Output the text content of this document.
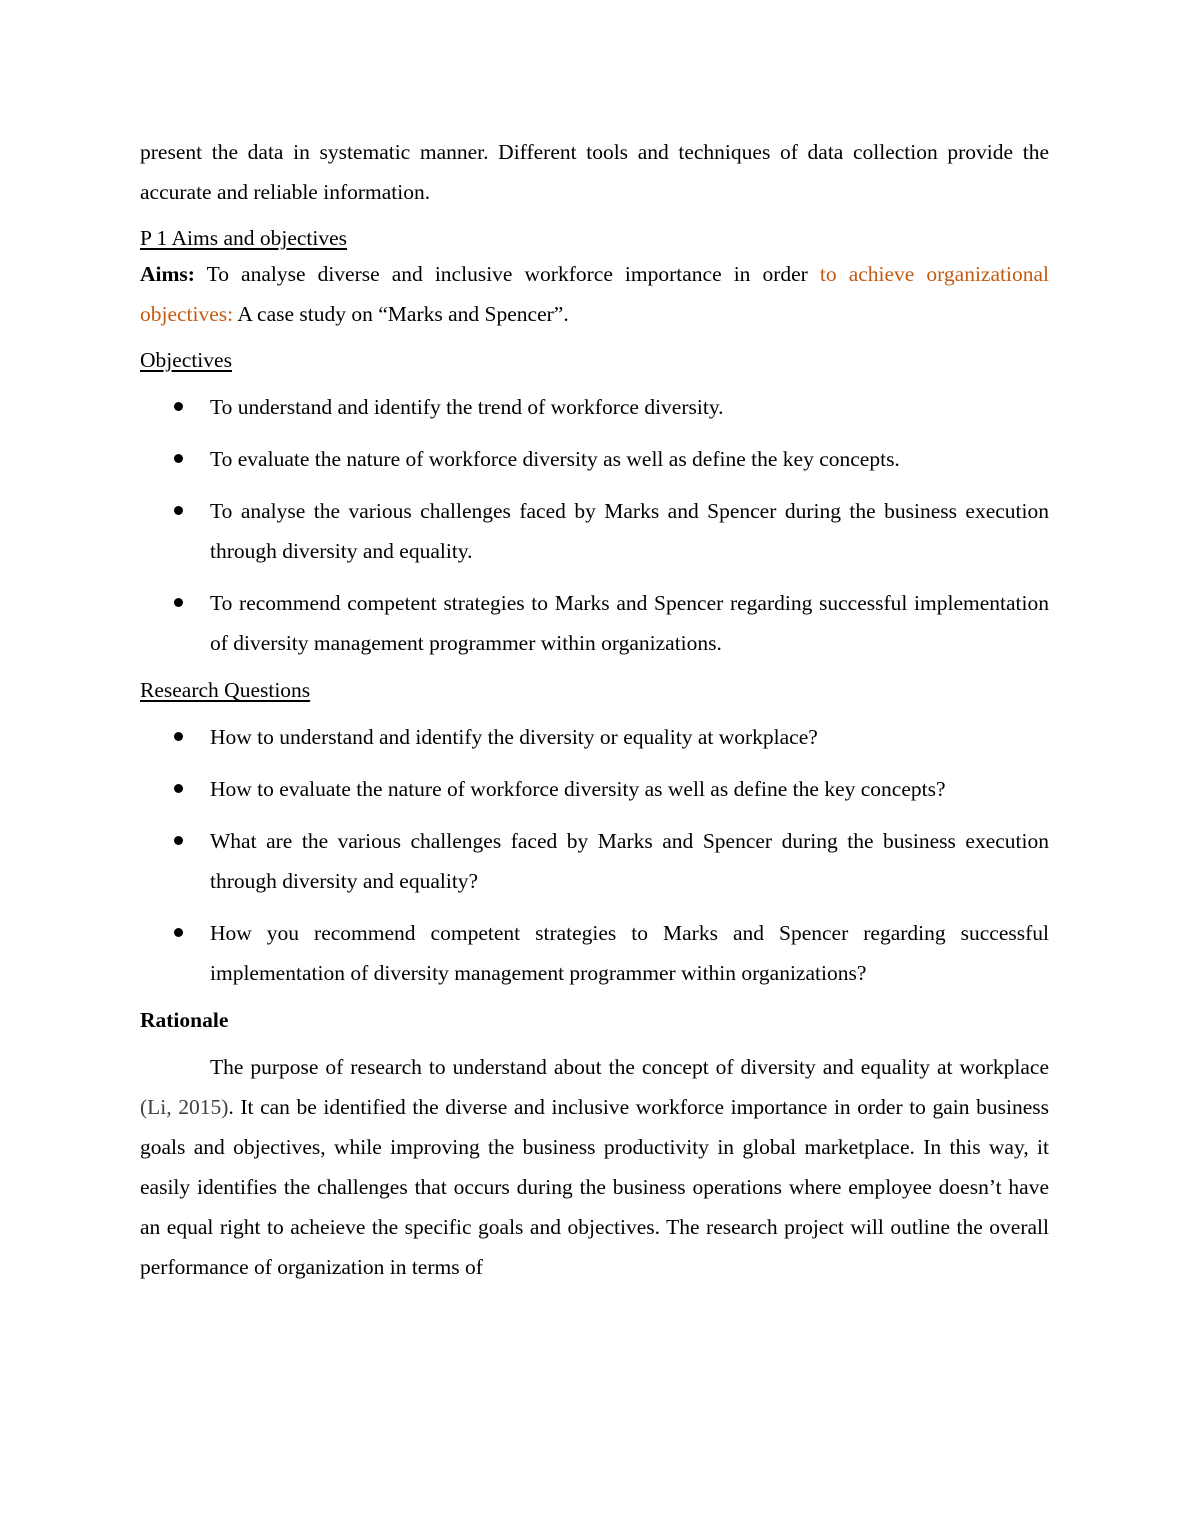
present the data in systematic manner. Different tools and techniques of data collection provide the accurate and reliable information.

P 1 Aims and objectives

Aims: To analyse diverse and inclusive workforce importance in order to achieve organizational objectives: A case study on “Marks and Spencer”.

Objectives

To understand and identify the trend of workforce diversity.
To evaluate the nature of workforce diversity as well as define the key concepts.
To analyse the various challenges faced by Marks and Spencer during the business execution through diversity and equality.
To recommend competent strategies to Marks and Spencer regarding successful implementation of diversity management programmer within organizations.

Research Questions

How to understand and identify the diversity or equality at workplace?
How to evaluate the nature of workforce diversity as well as define the key concepts?
What are the various challenges faced by Marks and Spencer during the business execution through diversity and equality?
How you recommend competent strategies to Marks and Spencer regarding successful implementation of diversity management programmer within organizations?

Rationale

The purpose of research to understand about the concept of diversity and equality at workplace (Li, 2015). It can be identified the diverse and inclusive workforce importance in order to gain business goals and objectives, while improving the business productivity in global marketplace. In this way, it easily identifies the challenges that occurs during the business operations where employee doesn’t have an equal right to acheieve the specific goals and objectives. The research project will outline the overall performance of organization in terms of
